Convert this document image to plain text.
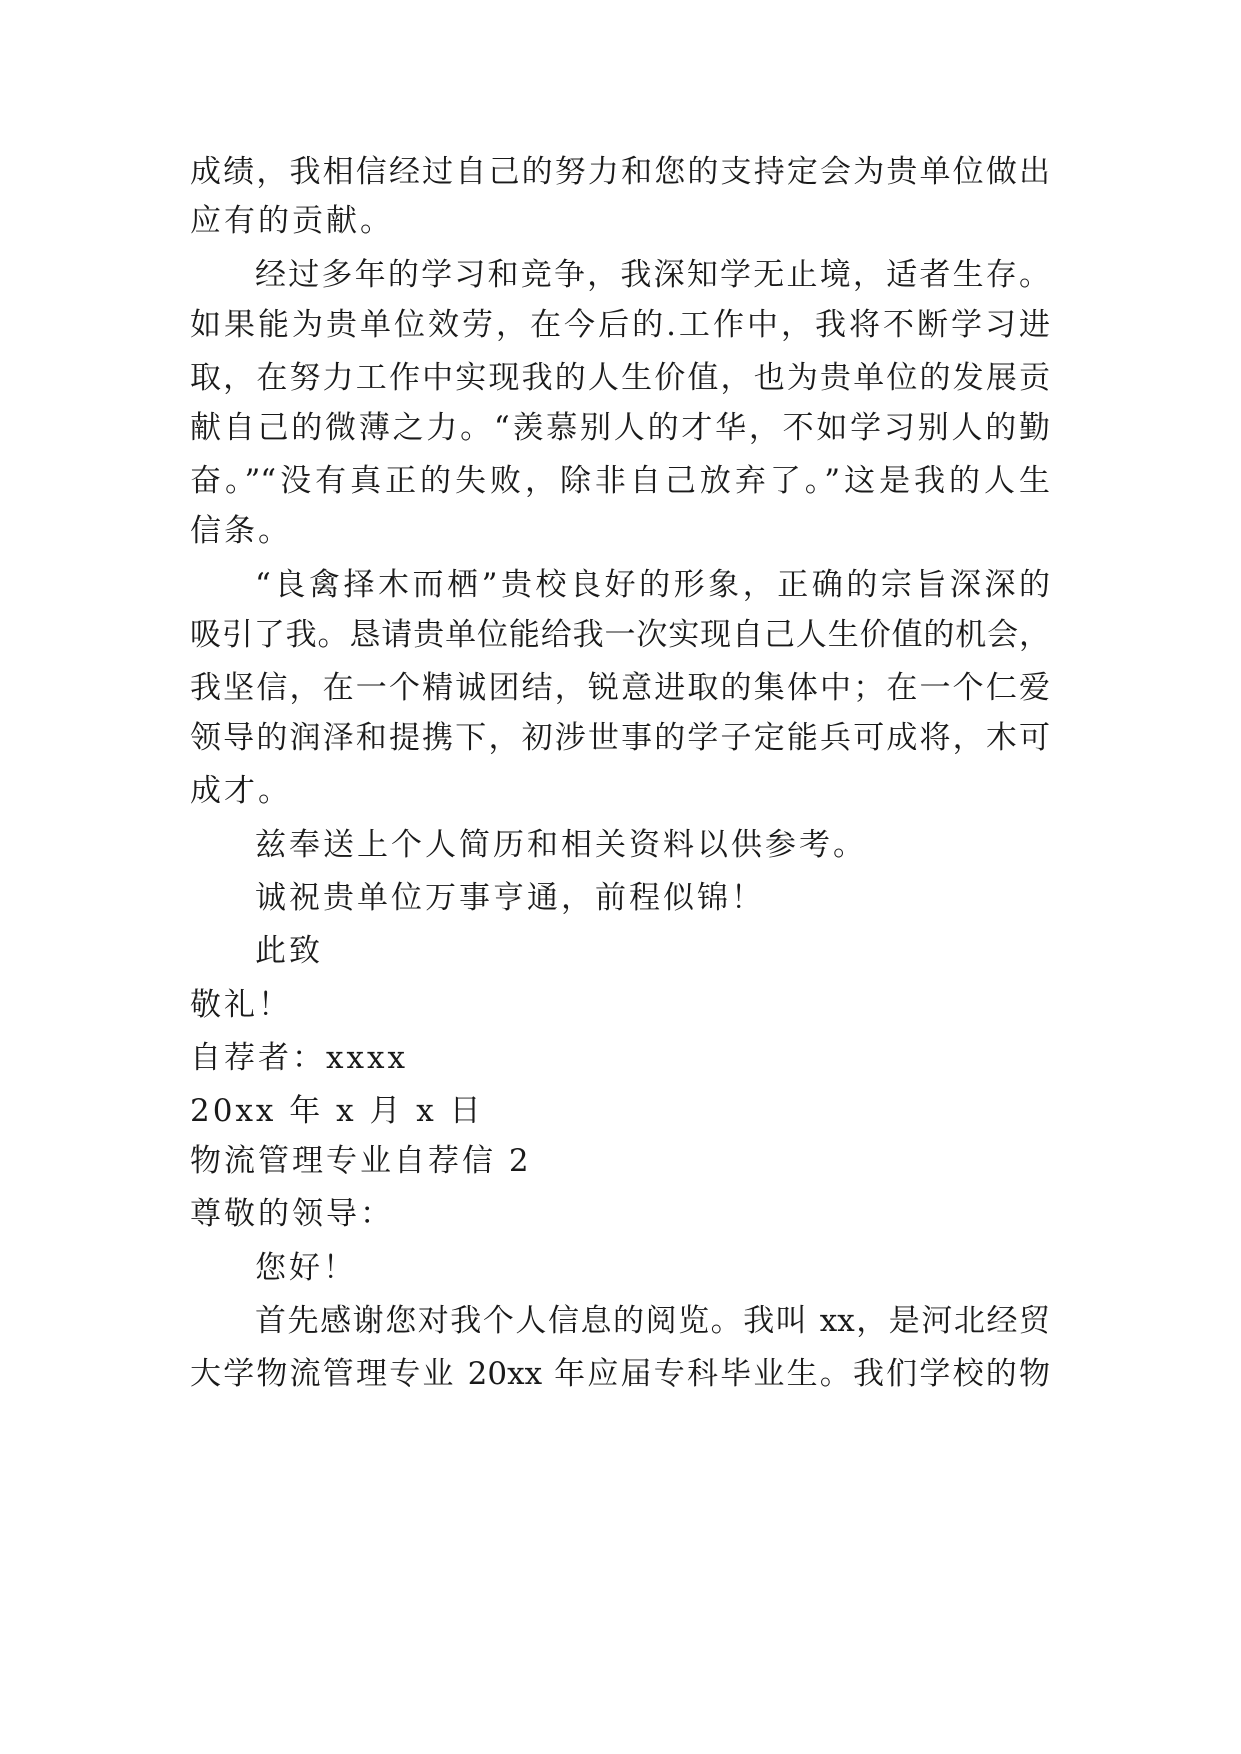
成绩，我相信经过自己的努力和您的支持定会为贵单位做出
应有的贡献。
经过多年的学习和竞争，我深知学无止境，适者生存。
如果能为贵单位效劳，在今后的.工作中，我将不断学习进
取，在努力工作中实现我的人生价值，也为贵单位的发展贡
献自己的微薄之力。“羡慕别人的才华，不如学习别人的勤
奋。”“没有真正的失败，除非自己放弃了。”这是我的人生
信条。
“良禽择木而栖”贵校良好的形象，正确的宗旨深深的
吸引了我。恳请贵单位能给我一次实现自己人生价值的机会，
我坚信，在一个精诚团结，锐意进取的集体中；在一个仁爱
领导的润泽和提携下，初涉世事的学子定能兵可成将，木可
成才。
兹奉送上个人简历和相关资料以供参考。
诚祝贵单位万事亨通，前程似锦！
此致
敬礼！
自荐者：xxxx
20xx 年 x 月 x 日
物流管理专业自荐信 2
尊敬的领导：
您好！
首先感谢您对我个人信息的阅览。我叫 xx，是河北经贸
大学物流管理专业 20xx 年应届专科毕业生。我们学校的物
